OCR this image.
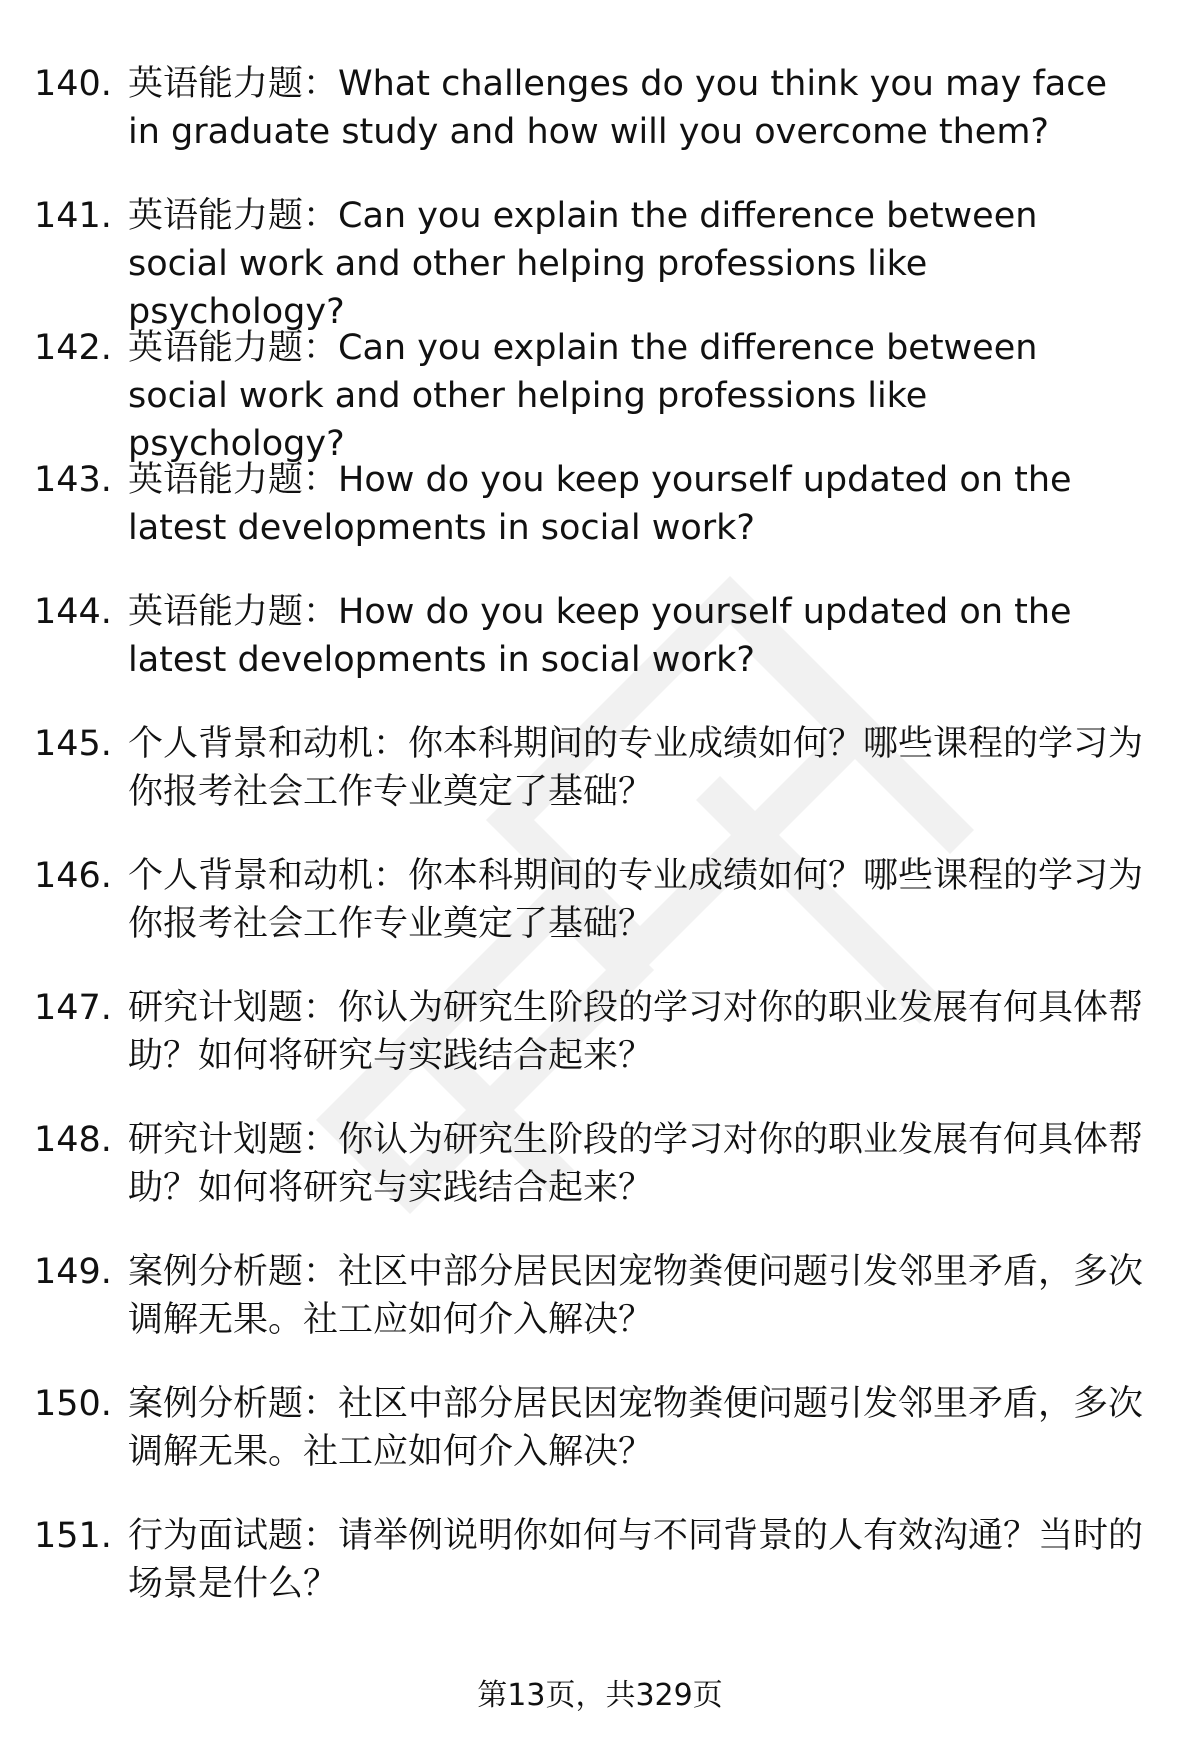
140. 英语能力题：What challenges do you think you may face in graduate study and how will you overcome them?
141. 英语能力题：Can you explain the difference between social work and other helping professions like psychology?
142. 英语能力题：Can you explain the difference between social work and other helping professions like psychology?
143. 英语能力题：How do you keep yourself updated on the latest developments in social work?
144. 英语能力题：How do you keep yourself updated on the latest developments in social work?
145. 个人背景和动机：你本科期间的专业成绩如何？哪些课程的学习为你报考社会工作专业奠定了基础？
146. 个人背景和动机：你本科期间的专业成绩如何？哪些课程的学习为你报考社会工作专业奠定了基础？
147. 研究计划题：你认为研究生阶段的学习对你的职业发展有何具体帮助？如何将研究与实践结合起来？
148. 研究计划题：你认为研究生阶段的学习对你的职业发展有何具体帮助？如何将研究与实践结合起来？
149. 案例分析题：社区中部分居民因宠物粪便问题引发邻里矛盾，多次调解无果。社工应如何介入解决？
150. 案例分析题：社区中部分居民因宠物粪便问题引发邻里矛盾，多次调解无果。社工应如何介入解决？
151. 行为面试题：请举例说明你如何与不同背景的人有效沟通？当时的场景是什么？
第13页，共329页
